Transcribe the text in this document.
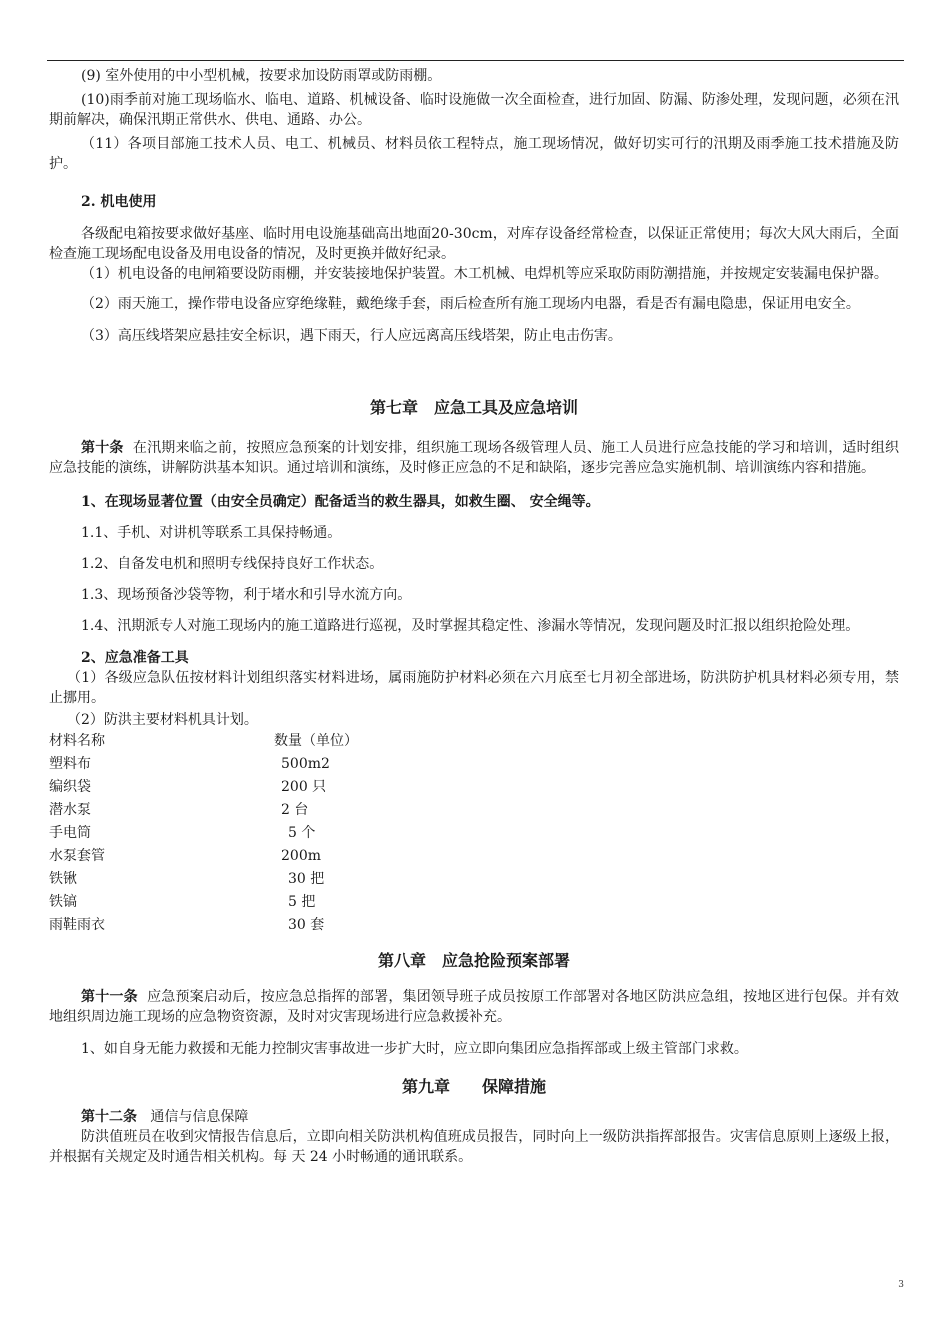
(9) 室外使用的中小型机械，按要求加设防雨罩或防雨棚。

(10)雨季前对施工现场临水、临电、道路、机械设备、临时设施做一次全面检查，进行加固、防漏、防渗处理，发现问题，必须在汛期前解决，确保汛期正常供水、供电、通路、办公。

（11）各项目部施工技术人员、电工、机械员、材料员依工程特点，施工现场情况，做好切实可行的汛期及雨季施工技术措施及防护。

2. 机电使用

各级配电箱按要求做好基座、临时用电设施基础高出地面20-30cm，对库存设备经常检查，以保证正常使用；每次大风大雨后，全面检查施工现场配电设备及用电设备的情况，及时更换并做好纪录。

（1）机电设备的电闸箱要设防雨棚，并安装接地保护装置。木工机械、电焊机等应采取防雨防潮措施，并按规定安装漏电保护器。

（2）雨天施工，操作带电设备应穿绝缘鞋，戴绝缘手套，雨后检查所有施工现场内电器，看是否有漏电隐患，保证用电安全。

（3）高压线塔架应悬挂安全标识，遇下雨天，行人应远离高压线塔架，防止电击伤害。

第七章　应急工具及应急培训

第十条 在汛期来临之前，按照应急预案的计划安排，组织施工现场各级管理人员、施工人员进行应急技能的学习和培训，适时组织应急技能的演练，讲解防洪基本知识。通过培训和演练，及时修正应急的不足和缺陷，逐步完善应急实施机制、培训演练内容和措施。

1、在现场显著位置（由安全员确定）配备适当的救生器具，如救生圈、 安全绳等。

1.1、手机、对讲机等联系工具保持畅通。

1.2、自备发电机和照明专线保持良好工作状态。

1.3、现场预备沙袋等物，利于堵水和引导水流方向。

1.4、汛期派专人对施工现场内的施工道路进行巡视，及时掌握其稳定性、渗漏水等情况，发现问题及时汇报以组织抢险处理。

2、应急准备工具

（1）各级应急队伍按材料计划组织落实材料进场，属雨施防护材料必须在六月底至七月初全部进场，防洪防护机具材料必须专用，禁止挪用。

（2）防洪主要材料机具计划。

材料名称	数量（单位）
塑料布	500m2
编织袋	200 只
潜水泵	2 台
手电筒	5 个
水泵套管	200m
铁锹	30 把
铁镐	5 把
雨鞋雨衣	30 套
第八章　应急抢险预案部署

第十一条 应急预案启动后，按应急总指挥的部署，集团领导班子成员按原工作部署对各地区防洪应急组，按地区进行包保。并有效地组织周边施工现场的应急物资资源，及时对灾害现场进行应急救援补充。

1、如自身无能力救援和无能力控制灾害事故进一步扩大时，应立即向集团应急指挥部或上级主管部门求救。

第九章　　保障措施

第十二条 通信与信息保障

防洪值班员在收到灾情报告信息后，立即向相关防洪机构值班成员报告，同时向上一级防洪指挥部报告。灾害信息原则上逐级上报，并根据有关规定及时通告相关机构。每 天 24 小时畅通的通讯联系。

3
